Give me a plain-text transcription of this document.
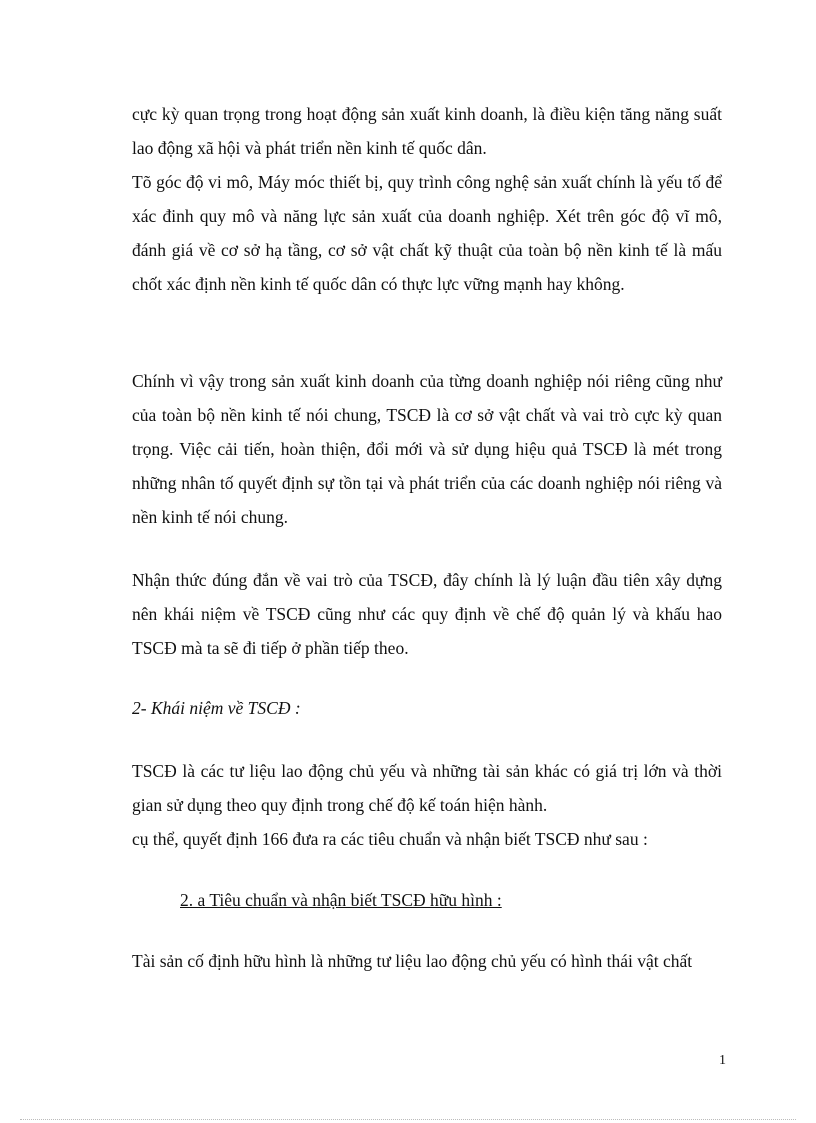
cực kỳ quan trọng trong hoạt động sản xuất kinh doanh, là điều kiện tăng năng suất lao động xã hội và phát triển nền kinh tế quốc dân.

Tõ góc độ vi mô, Máy móc thiết bị, quy trình công nghệ sản xuất chính là yếu tố để xác đinh quy mô và năng lực sản xuất của doanh nghiệp. Xét trên góc độ vĩ mô, đánh giá về cơ sở hạ tầng, cơ sở vật chất kỹ thuật của toàn bộ nền kinh tế là mấu chốt xác định nền kinh tế quốc dân có thực lực vững mạnh hay không.

Chính vì vậy trong sản xuất kinh doanh của từng doanh nghiệp nói riêng cũng như của toàn bộ nền kinh tế nói chung, TSCĐ là cơ sở vật chất và vai trò cực kỳ quan trọng. Việc cải tiến, hoàn thiện, đổi mới và sử dụng hiệu quả TSCĐ là mét trong những nhân tố quyết định sự tồn tại và phát triển của các doanh nghiệp nói riêng và nền kinh tế nói chung.

Nhận thức đúng đắn về vai trò của TSCĐ, đây chính là lý luận đầu tiên xây dựng nên khái niệm về TSCĐ cũng như các quy định về chế độ quản lý và khấu hao TSCĐ mà ta sẽ đi tiếp ở phần tiếp theo.

2- Khái niệm về TSCĐ :

TSCĐ là các tư liệu lao động chủ yếu và những tài sản khác có giá trị lớn và thời gian sử dụng theo quy định trong chế độ kế toán hiện hành.

cụ thể, quyết định 166 đưa ra các tiêu chuẩn và nhận biết TSCĐ như sau :

2. a Tiêu chuẩn và nhận biết TSCĐ hữu hình :

Tài sản cố định hữu hình là những tư liệu lao động chủ yếu có hình thái vật chất

1
